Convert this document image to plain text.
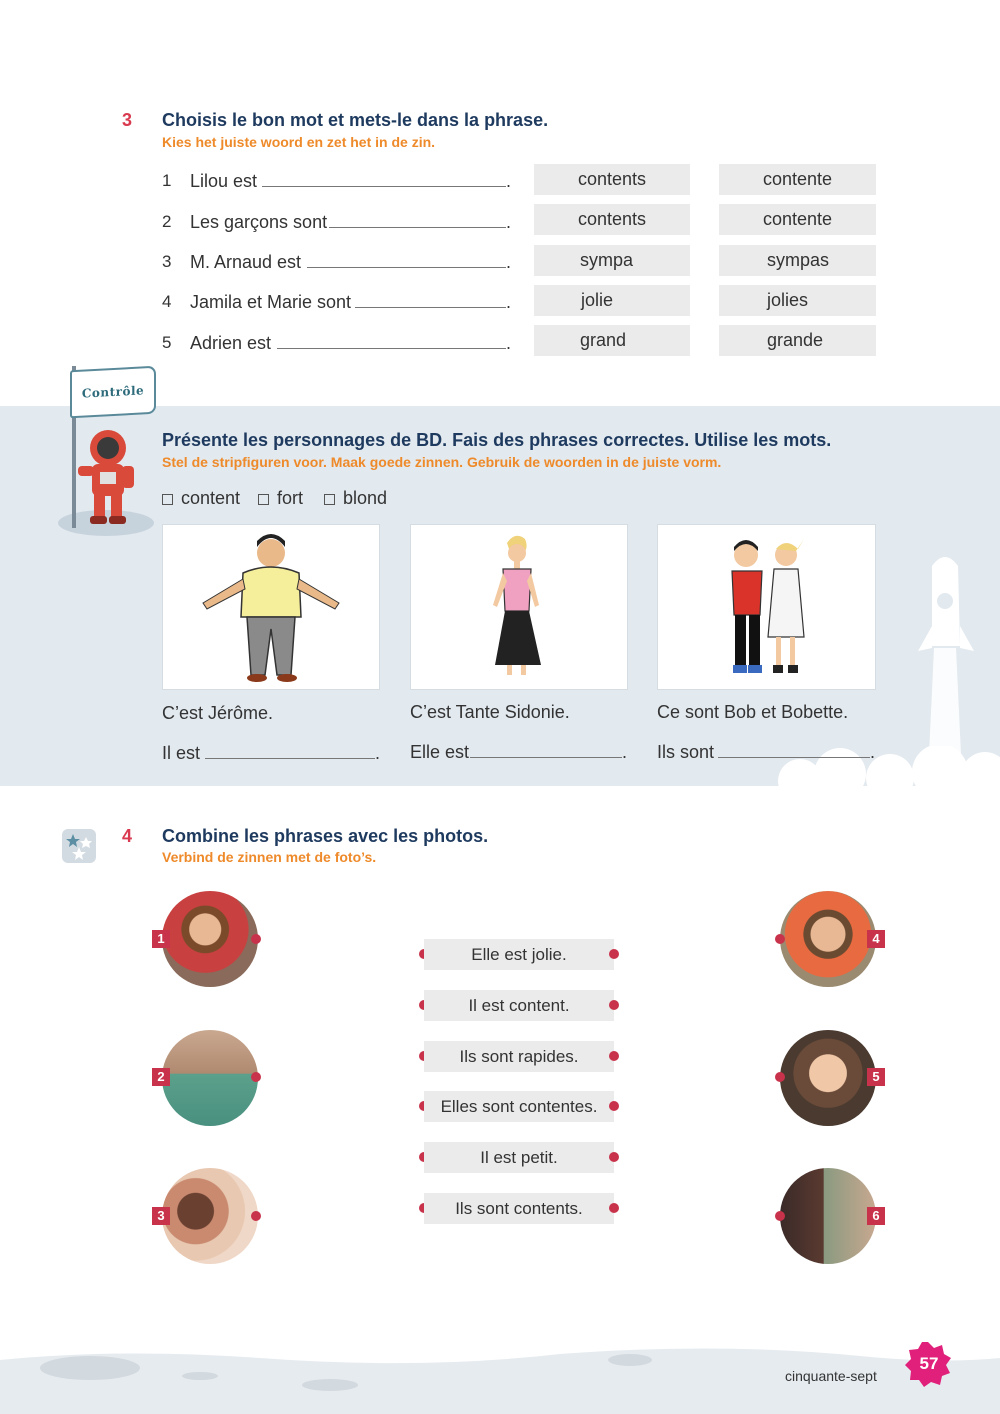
3 Choisis le bon mot et mets-le dans la phrase.
Kies het juiste woord en zet het in de zin.
1 Lilou est	.	contents	contente
2 Les garçons sont	.	contents	contente
3 M. Arnaud est	.	sympa	sympas
4 Jamila et Marie sont	.	jolie	jolies
5 Adrien est	.	grand	grande
Contrôle
Présente les personnages de BD. Fais des phrases correctes. Utilise les mots.
Stel de stripfiguren voor. Maak goede zinnen. Gebruik de woorden in de juiste vorm.
content	fort	blond
C’est Jérôme.	C’est Tante Sidonie.	Ce sont Bob et Bobette.
Il est	. Elle est	. Ils sont	.
4 Combine les phrases avec les photos.
Verbind de zinnen met de foto’s.
1
2
3
Elle est jolie.
Il est content.
Ils sont rapides.
Elles sont contentes.
Il est petit.
Ils sont contents.
4
5
6
cinquante-sept
57
